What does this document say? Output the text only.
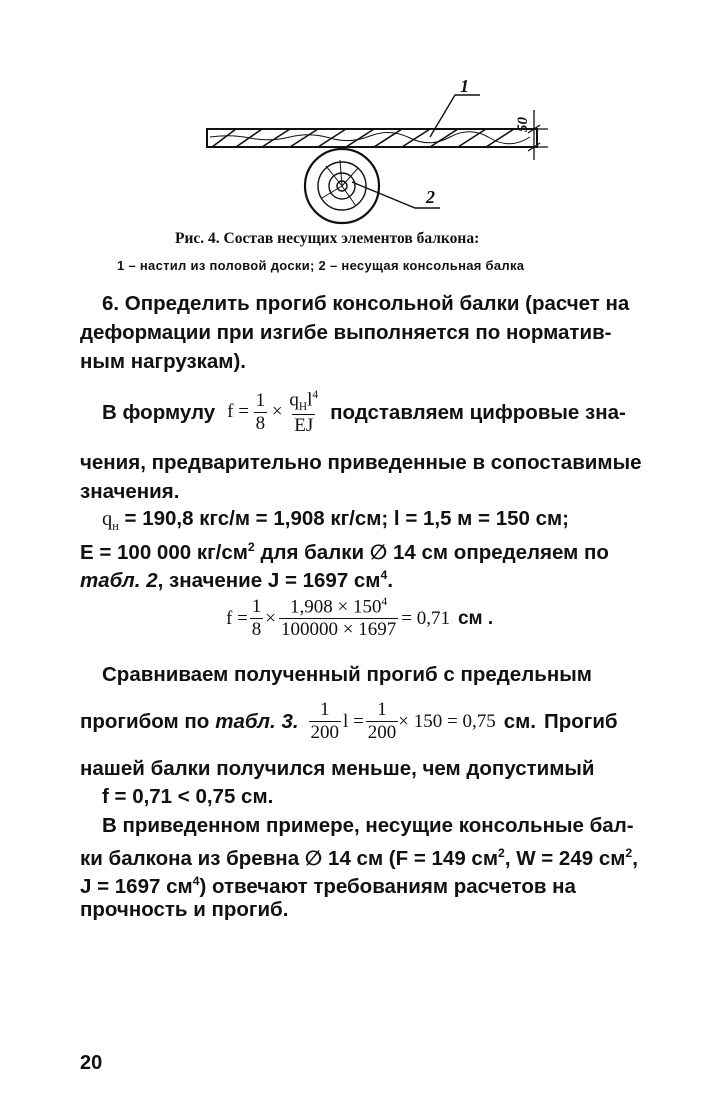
1
2
50
Рис. 4. Состав несущих элементов балкона:
1 – настил из половой доски; 2 – несущая консольная балка
6. Определить прогиб консольной балки (расчет на
деформации при изгибе выполняется по норматив-
ным нагрузкам).
В формулу $f = \frac{1}{8} \times \frac{q_Нl^4}{EJ}$ подставляем цифровые зна-
чения, предварительно приведенные в сопоставимые
значения.
$q_н = 190,8$ кгс/м = 1,908 кг/см; l = 1,5 м = 150 см;
E = 100 000 $кг/см^2$ для балки ∅ 14 см определяем по
табл. 2, значение J = 1697 $см^4$.
$f = \frac{1}{8} \times \frac{1,908 \times 150^4}{100000 \times 1697} = 0,71$ см .
Сравниваем полученный прогиб с предельным
прогибом по табл. 3. $\frac{1}{200}$ $l = \frac{1}{200} \times 150 = 0,75$ см. Прогиб
нашей балки получился меньше, чем допустимый
f = 0,71 < 0,75 см.
В приведенном примере, несущие консольные бал-
ки балкона из бревна ∅ 14 см (F = 149 $см^2$, W = 249 $см^2$,
J = 1697 $см^4$) отвечают требованиям расчетов на
прочность и прогиб.
20
